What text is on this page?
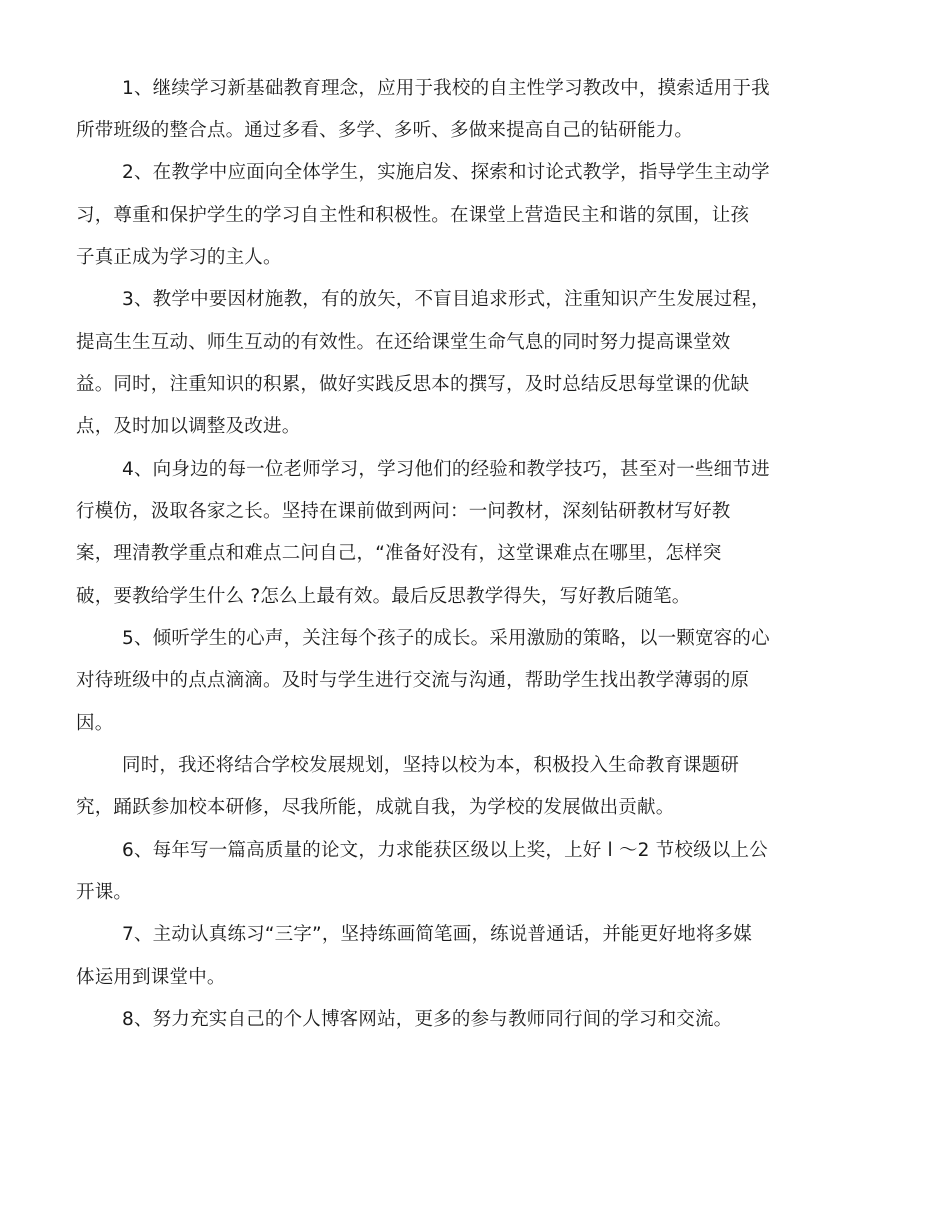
1、继续学习新基础教育理念，应用于我校的自主性学习教改中，摸索适用于我
所带班级的整合点。通过多看、多学、多听、多做来提高自己的钻研能力。
2、在教学中应面向全体学生，实施启发、探索和讨论式教学，指导学生主动学
习，尊重和保护学生的学习自主性和积极性。在课堂上营造民主和谐的氛围，让孩
子真正成为学习的主人。
3、教学中要因材施教，有的放矢，不盲目追求形式，注重知识产生发展过程，
提高生生互动、师生互动的有效性。在还给课堂生命气息的同时努力提高课堂效
益。同时，注重知识的积累，做好实践反思本的撰写，及时总结反思每堂课的优缺
点，及时加以调整及改进。
4、向身边的每一位老师学习，学习他们的经验和教学技巧，甚至对一些细节进
行模仿，汲取各家之长。坚持在课前做到两问：一问教材，深刻钻研教材写好教
案，理清教学重点和难点二问自己，“准备好没有，这堂课难点在哪里，怎样突
破，要教给学生什么 ?怎么上最有效。最后反思教学得失，写好教后随笔。
5、倾听学生的心声，关注每个孩子的成长。采用激励的策略，以一颗宽容的心
对待班级中的点点滴滴。及时与学生进行交流与沟通，帮助学生找出教学薄弱的原
因。
同时，我还将结合学校发展规划，坚持以校为本，积极投入生命教育课题研
究，踊跃参加校本研修，尽我所能，成就自我，为学校的发展做出贡献。
6、每年写一篇高质量的论文，力求能获区级以上奖，上好 l ～2 节校级以上公
开课。
7、主动认真练习“三字”，坚持练画简笔画，练说普通话，并能更好地将多媒
体运用到课堂中。
8、努力充实自己的个人博客网站，更多的参与教师同行间的学习和交流。
